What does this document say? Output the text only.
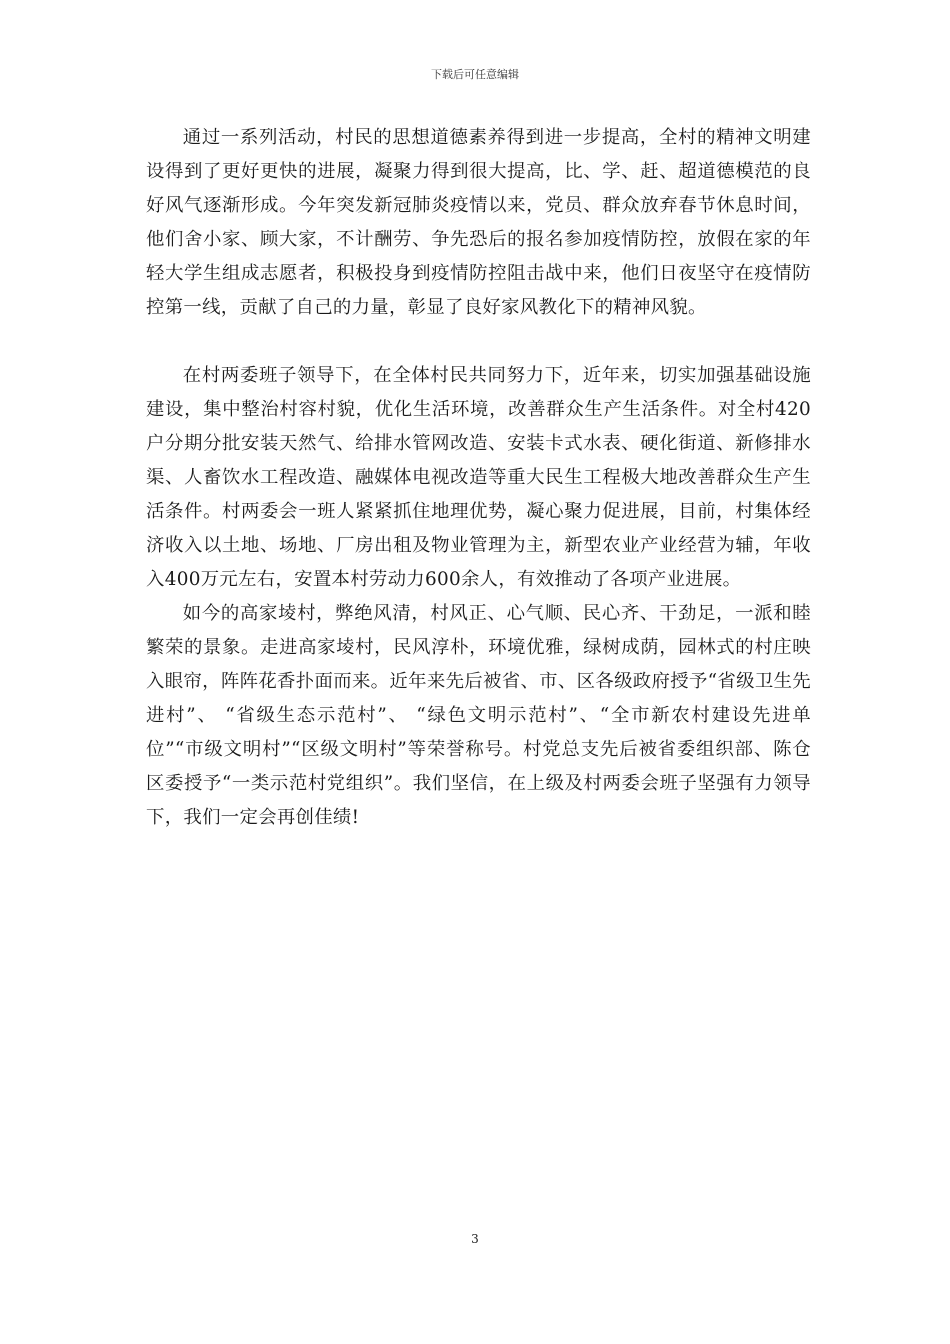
下载后可任意编辑

通过一系列活动，村民的思想道德素养得到进一步提高，全村的精神文明建设得到了更好更快的进展，凝聚力得到很大提高，比、学、赶、超道德模范的良好风气逐渐形成。今年突发新冠肺炎疫情以来，党员、群众放弃春节休息时间，他们舍小家、顾大家，不计酬劳、争先恐后的报名参加疫情防控，放假在家的年轻大学生组成志愿者，积极投身到疫情防控阻击战中来，他们日夜坚守在疫情防控第一线，贡献了自己的力量，彰显了良好家风教化下的精神风貌。

在村两委班子领导下，在全体村民共同努力下，近年来，切实加强基础设施建设，集中整治村容村貌，优化生活环境，改善群众生产生活条件。对全村420户分期分批安装天然气、给排水管网改造、安装卡式水表、硬化街道、新修排水渠、人畜饮水工程改造、融媒体电视改造等重大民生工程极大地改善群众生产生活条件。村两委会一班人紧紧抓住地理优势，凝心聚力促进展，目前，村集体经济收入以土地、场地、厂房出租及物业管理为主，新型农业产业经营为辅，年收入400万元左右，安置本村劳动力600余人，有效推动了各项产业进展。

如今的高家堎村，弊绝风清，村风正、心气顺、民心齐、干劲足，一派和睦繁荣的景象。走进高家堎村，民风淳朴，环境优雅，绿树成荫，园林式的村庄映入眼帘，阵阵花香扑面而来。近年来先后被省、市、区各级政府授予“省级卫生先进村”、 “省级生态示范村”、 “绿色文明示范村”、“全市新农村建设先进单位”“市级文明村”“区级文明村”等荣誉称号。村党总支先后被省委组织部、陈仓区委授予“一类示范村党组织”。我们坚信，在上级及村两委会班子坚强有力领导下，我们一定会再创佳绩!

3
